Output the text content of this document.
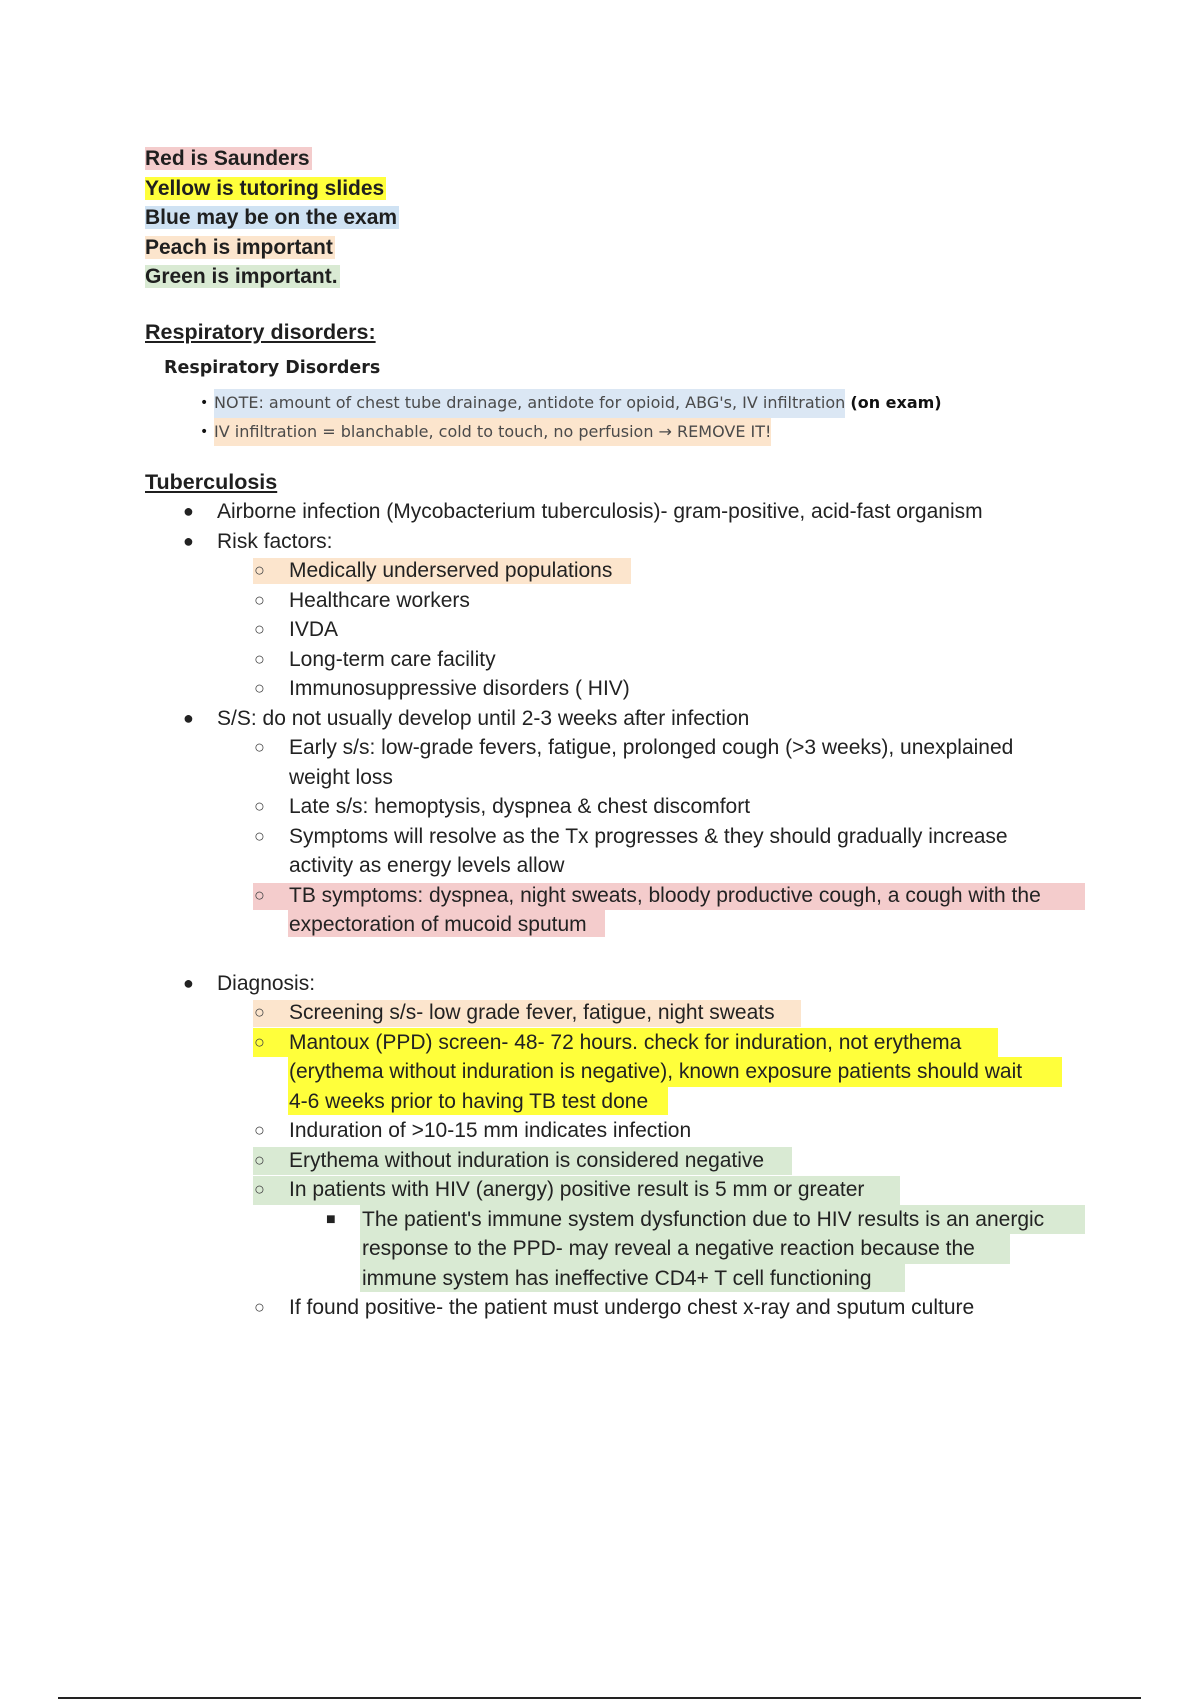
Red is Saunders
Yellow is tutoring slides
Blue may be on the exam
Peach is important
Green is important.
Respiratory disorders:
Respiratory Disorders
• NOTE: amount of chest tube drainage, antidote for opioid, ABG's, IV infiltration
(on exam)
• IV infiltration = blanchable, cold to touch, no perfusion → REMOVE IT!
Tuberculosis
● Airborne infection (Mycobacterium tuberculosis)- gram-positive, acid-fast organism
● Risk factors:
○ Medically underserved populations
○ Healthcare workers
○ IVDA
○ Long-term care facility
○ Immunosuppressive disorders ( HIV)
● S/S: do not usually develop until 2-3 weeks after infection
○ Early s/s: low-grade fevers, fatigue, prolonged cough (>3 weeks), unexplained
weight loss
○ Late s/s: hemoptysis, dyspnea & chest discomfort
○ Symptoms will resolve as the Tx progresses & they should gradually increase
activity as energy levels allow
○ TB symptoms: dyspnea, night sweats, bloody productive cough, a cough with the
expectoration of mucoid sputum
● Diagnosis:
○ Screening s/s- low grade fever, fatigue, night sweats
○ Mantoux (PPD) screen- 48- 72 hours. check for induration, not erythema
(erythema without induration is negative), known exposure patients should wait
4-6 weeks prior to having TB test done
○ Induration of >10-15 mm indicates infection
○ Erythema without induration is considered negative
○ In patients with HIV (anergy) positive result is 5 mm or greater
■ The patient's immune system dysfunction due to HIV results is an anergic
response to the PPD- may reveal a negative reaction because the
immune system has ineffective CD4+ T cell functioning
○ If found positive- the patient must undergo chest x-ray and sputum culture
